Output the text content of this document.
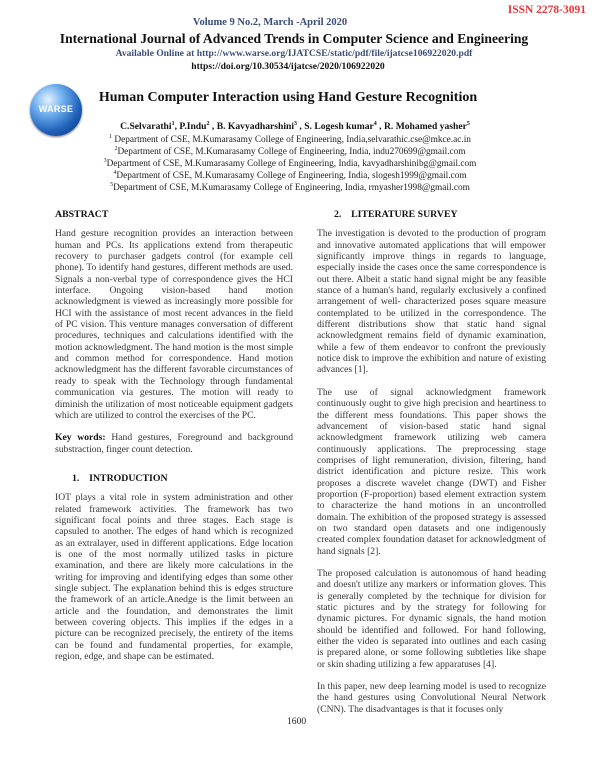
ISSN 2278-3091
Volume 9 No.2, March -April 2020
International Journal of Advanced Trends in Computer Science and Engineering
Available Online at http://www.warse.org/IJATCSE/static/pdf/file/ijatcse106922020.pdf
https://doi.org/10.30534/ijatcse/2020/106922020
WARSE
Human Computer Interaction using Hand Gesture Recognition
C.Selvarathi$^1$, P.Indu$^2$ , B. Kavyadharshini$^3$ , S. Logesh kumar$^4$ , R. Mohamed yasher$^5$
$^1$ Department of CSE, M.Kumarasamy College of Engineering, India,selvarathic.cse@mkce.ac.in
$^2$Department of CSE, M.Kumarasamy College of Engineering, India, indu270699@gmail.com
$^3$Department of CSE, M.Kumarasamy College of Engineering, India, kavyadharshinibg@gmail.com
$^4$Department of CSE, M.Kumarasamy College of Engineering, India, slogesh1999@gmail.com
$^5$Department of CSE, M.Kumarasamy College of Engineering, India, rmyasher1998@gmail.com

ABSTRACT

Hand gesture recognition provides an interaction between human and PCs. Its applications extend from therapeutic recovery to purchaser gadgets control (for example cell phone). To identify hand gestures, different methods are used. Signals a non-verbal type of correspondence gives the HCI interface. Ongoing vision-based hand motion acknowledgment is viewed as increasingly more possible for HCI with the assistance of most recent advances in the field of PC vision. This venture manages conversation of different procedures, techniques and calculations identified with the motion acknowledgment. The hand motion is the most simple and common method for correspondence. Hand motion acknowledgment has the different favorable circumstances of ready to speak with the Technology through fundamental communication via gestures. The motion will ready to diminish the utilization of most noticeable equipment gadgets which are utilized to control the exercises of the PC.

Key words: Hand gestures, Foreground and background substraction, finger count detection.

1.    INTRODUCTION

IOT plays a vital role in system administration and other related framework activities. The framework has two significant focal points and three stages. Each stage is capsuled to another. The edges of hand which is recognized as an extralayer, used in different applications. Edge location is one of the most normally utilized tasks in picture examination, and there are likely more calculations in the writing for improving and identifying edges than some other single subject. The explanation behind this is edges structure the framework of an article.Anedge is the limit between an article and the foundation, and demonstrates the limit between covering objects. This implies if the edges in a picture can be recognized precisely, the entirety of the items can be found and fundamental properties, for example, region, edge, and shape can be estimated.

2.    LITERATURE SURVEY

The investigation is devoted to the production of program and innovative automated applications that will empower significantly improve things in regards to language, especially inside the cases once the same correspondence is out there. Albeit a static hand signal might be any feasible stance of a human's hand, regularly exclusively a confined arrangement of well- characterized poses square measure contemplated to be utilized in the correspondence. The different distributions show that static hand signal acknowledgment remains field of dynamic examination, while a few of them endeavor to confront the previously notice disk to improve the exhibition and nature of existing advances [1].

The use of signal acknowledgment framework continuously ought to give high precision and heartiness to the different mess foundations. This paper shows the advancement of vision-based static hand signal acknowledgment framework utilizing web camera continuously applications. The preprocessing stage comprises of light remuneration, division, filtering, hand district identification and picture resize. This work proposes a discrete wavelet change (DWT) and Fisher proportion (F-proportion) based element extraction system to characterize the hand motions in an uncontrolled domain. The exhibition of the proposed strategy is assessed on two standard open datasets and one indigenously created complex foundation dataset for acknowledgment of hand signals [2].

The proposed calculation is autonomous of hand heading and doesn't utilize any markers or information gloves. This is generally completed by the technique for division for static pictures and by the strategy for following for dynamic pictures. For dynamic signals, the hand motion should be identified and followed. For hand following, either the video is separated into outlines and each casing is prepared alone, or some following subtleties like shape or skin shading utilizing a few apparatuses [4].

In this paper, new deep learning model is used to recognize the hand gestures using Convolutional Neural Network (CNN). The disadvantages is that it focuses only

1600
